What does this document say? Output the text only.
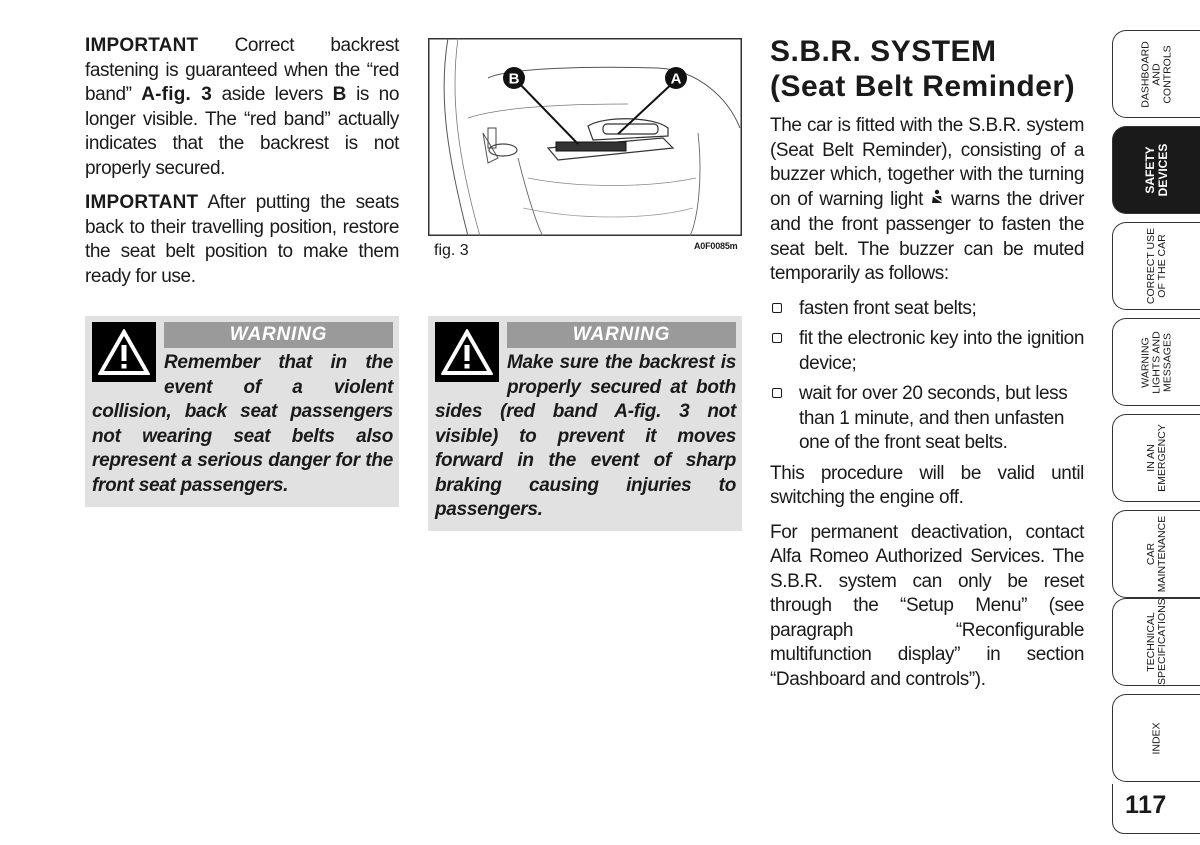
IMPORTANT Correct backrest fastening is guaranteed when the “red band” A-fig. 3 aside levers B is no longer visible. The “red band” actually indicates that the backrest is not properly secured.

IMPORTANT After putting the seats back to their travelling position, restore the seat belt position to make them ready for use.

B	A
fig. 3	A0F0085m
WARNING

Remember that in the event of a violent collision, back seat passengers not wearing seat belts also represent a serious danger for the front seat passengers.

WARNING

Make sure the backrest is properly secured at both sides (red band A-fig. 3 not visible) to prevent it moves forward in the event of sharp braking causing injuries to passengers.

S.B.R. SYSTEM
(Seat Belt Reminder)

The car is fitted with the S.B.R. system (Seat Belt Reminder), consisting of a buzzer which, together with the turning on of warning light  warns the driver and the front passenger to fasten the seat belt. The buzzer can be muted temporarily as follows:

fasten front seat belts;
fit the electronic key into the ignition device;
wait for over 20 seconds, but less than 1 minute, and then unfasten one of the front seat belts.

This procedure will be valid until switching the engine off.

For permanent deactivation, contact Alfa Romeo Authorized Services. The S.B.R. system can only be reset through the “Setup Menu” (see paragraph “Reconfigurable multifunction display” in section “Dashboard and controls”).

DASHBOARD
AND
CONTROLS
SAFETY
DEVICES
CORRECT USE
OF THE CAR
WARNING
LIGHTS AND
MESSAGES
IN AN
EMERGENCY
CAR
MAINTENANCE
TECHNICAL
SPECIFICATIONS
INDEX
117
